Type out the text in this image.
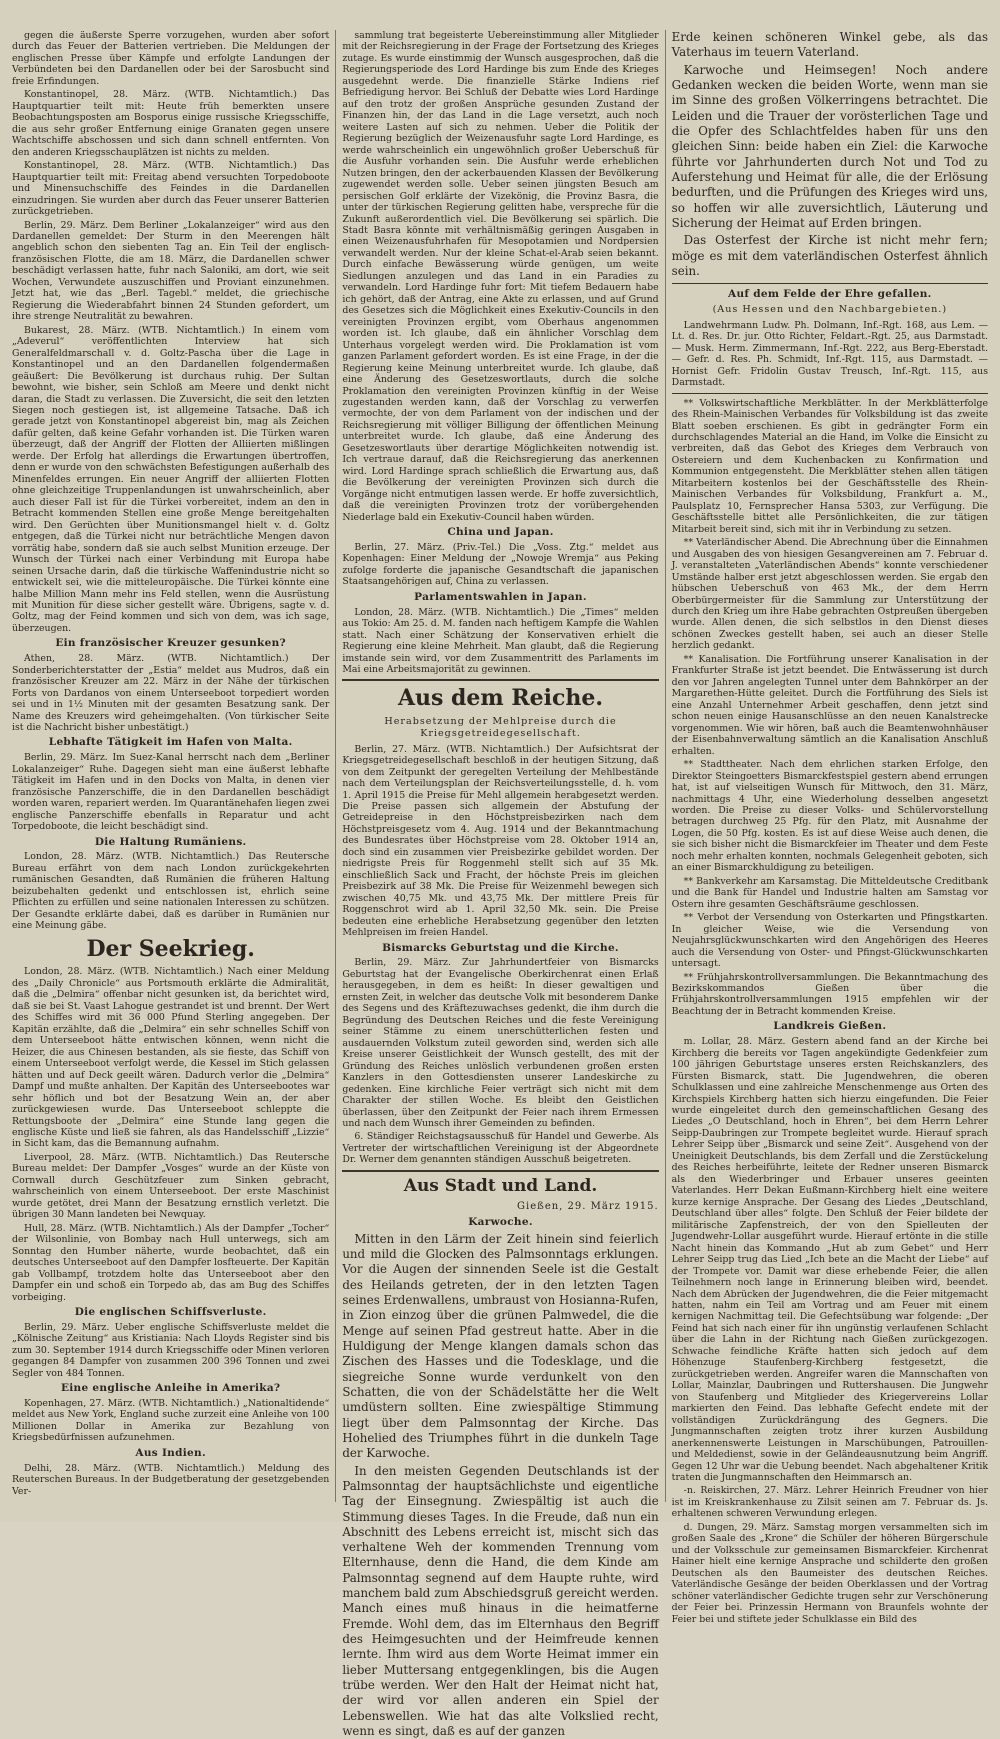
gegen die äußerste Sperre vorzugehen, wurden aber sofort durch das Feuer der Batterien vertrieben. Die Meldungen der englischen Presse über Kämpfe und erfolgte Landungen der Verbündeten bei den Dardanellen oder bei der Sarosbucht sind freie Erfindungen.

Konstantinopel, 28. März. (WTB. Nichtamtlich.) Das Hauptquartier teilt mit: Heute früh bemerkten unsere Beobachtungsposten am Bosporus einige russische Kriegsschiffe, die aus sehr großer Entfernung einige Granaten gegen unsere Wachtschiffe abschossen und sich dann schnell entfernten. Von den anderen Kriegsschauplätzen ist nichts zu melden.

Konstantinopel, 28. März. (WTB. Nichtamtlich.) Das Hauptquartier teilt mit: Freitag abend versuchten Torpedoboote und Minensuchschiffe des Feindes in die Dardanellen einzudringen. Sie wurden aber durch das Feuer unserer Batterien zurückgetrieben.

Berlin, 29. März. Dem Berliner „Lokalanzeiger“ wird aus den Dardanellen gemeldet: Der Sturm in den Meerengen hält angeblich schon den siebenten Tag an. Ein Teil der englisch-französischen Flotte, die am 18. März, die Dardanellen schwer beschädigt verlassen hatte, fuhr nach Saloniki, am dort, wie seit Wochen, Verwundete auszuschiffen und Proviant einzunehmen. Jetzt hat, wie das „Berl. Tagebl.“ meldet, die griechische Regierung die Wiederabfahrt binnen 24 Stunden gefordert, um ihre strenge Neutralität zu bewahren.

Bukarest, 28. März. (WTB. Nichtamtlich.) In einem vom „Adeverul“ veröffentlichten Interview hat sich Generalfeldmarschall v. d. Goltz-Pascha über die Lage in Konstantinopel und an den Dardanellen folgendermaßen geäußert: Die Bevölkerung ist durchaus ruhig. Der Sultan bewohnt, wie bisher, sein Schloß am Meere und denkt nicht daran, die Stadt zu verlassen. Die Zuversicht, die seit den letzten Siegen noch gestiegen ist, ist allgemeine Tatsache. Daß ich gerade jetzt von Konstantinopel abgereist bin, mag als Zeichen dafür gelten, daß keine Gefahr vorhanden ist. Die Türken waren überzeugt, daß der Angriff der Flotten der Alliierten mißlingen werde. Der Erfolg hat allerdings die Erwartungen übertroffen, denn er wurde von den schwächsten Befestigungen außerhalb des Minenfeldes errungen. Ein neuer Angriff der alliierten Flotten ohne gleichzeitige Truppenlandungen ist unwahrscheinlich, aber auch dieser Fall ist für die Türkei vorbereitet, indem an den in Betracht kommenden Stellen eine große Menge bereitgehalten wird. Den Gerüchten über Munitionsmangel hielt v. d. Goltz entgegen, daß die Türkei nicht nur beträchtliche Mengen davon vorrätig habe, sondern daß sie auch selbst Munition erzeuge. Der Wunsch der Türkei nach einer Verbindung mit Europa habe seinen Ursache darin, daß die türkische Waffenindustrie nicht so entwickelt sei, wie die mitteleuropäische. Die Türkei könnte eine halbe Million Mann mehr ins Feld stellen, wenn die Ausrüstung mit Munition für diese sicher gestellt wäre. Übrigens, sagte v. d. Goltz, mag der Feind kommen und sich von dem, was ich sage, überzeugen.

Ein französischer Kreuzer gesunken?

Athen, 28. März. (WTB. Nichtamtlich.) Der Sonderberichterstatter der „Estia“ meldet aus Mudros, daß ein französischer Kreuzer am 22. März in der Nähe der türkischen Forts von Dardanos von einem Unterseeboot torpediert worden sei und in 1½ Minuten mit der gesamten Besatzung sank. Der Name des Kreuzers wird geheimgehalten. (Von türkischer Seite ist die Nachricht bisher unbestätigt.)

Lebhafte Tätigkeit im Hafen von Malta.

Berlin, 29. März. Im Suez-Kanal herrscht nach dem „Berliner Lokalanzeiger“ Ruhe. Dagegen sieht man eine äußerst lebhafte Tätigkeit im Hafen und in den Docks von Malta, in denen vier französische Panzerschiffe, die in den Dardanellen beschädigt worden waren, repariert werden. Im Quarantänehafen liegen zwei englische Panzerschiffe ebenfalls in Reparatur und acht Torpedoboote, die leicht beschädigt sind.

Die Haltung Rumäniens.

London, 28. März. (WTB. Nichtamtlich.) Das Reutersche Bureau erfährt von dem nach London zurückgekehrten rumänischen Gesandten, daß Rumänien die früheren Haltung beizubehalten gedenkt und entschlossen ist, ehrlich seine Pflichten zu erfüllen und seine nationalen Interessen zu schützen. Der Gesandte erklärte dabei, daß es darüber in Rumänien nur eine Meinung gäbe.

Der Seekrieg.

London, 28. März. (WTB. Nichtamtlich.) Nach einer Meldung des „Daily Chronicle“ aus Portsmouth erklärte die Admiralität, daß die „Delmira“ offenbar nicht gesunken ist, da berichtet wird, daß sie bei St. Vaast Lahogue gestrandet ist und brennt. Der Wert des Schiffes wird mit 36 000 Pfund Sterling angegeben. Der Kapitän erzählte, daß die „Delmira“ ein sehr schnelles Schiff von dem Unterseeboot hätte entwischen können, wenn nicht die Heizer, die aus Chinesen bestanden, als sie fieste, das Schiff von einem Unterseeboot verfolgt werde, die Kessel im Stich gelassen hätten und auf Deck geeilt wären. Dadurch verlor die „Delmira“ Dampf und mußte anhalten. Der Kapitän des Unterseebootes war sehr höflich und bot der Besatzung Wein an, der aber zurückgewiesen wurde. Das Unterseeboot schleppte die Rettungsboote der „Delmira“ eine Stunde lang gegen die englische Küste und ließ sie fahren, als das Handelsschiff „Lizzie“ in Sicht kam, das die Bemannung aufnahm.

Liverpool, 28. März. (WTB. Nichtamtlich.) Das Reutersche Bureau meldet: Der Dampfer „Vosges“ wurde an der Küste von Cornwall durch Geschützfeuer zum Sinken gebracht, wahrscheinlich von einem Unterseeboot. Der erste Maschinist wurde getötet, drei Mann der Besatzung ernstlich verletzt. Die übrigen 30 Mann landeten bei Newquay.

Hull, 28. März. (WTB. Nichtamtlich.) Als der Dampfer „Tocher“ der Wilsonlinie, von Bombay nach Hull unterwegs, sich am Sonntag den Humber näherte, wurde beobachtet, daß ein deutsches Unterseeboot auf den Dampfer losfteuerte. Der Kapitän gab Vollbampf, trotzdem holte das Unterseeboot aber den Dampfer ein und schoß ein Torpedo ab, das am Bug des Schiffes vorbeiging.

Die englischen Schiffsverluste.

Berlin, 29. März. Ueber englische Schiffsverluste meldet die „Kölnische Zeitung“ aus Kristiania: Nach Lloyds Register sind bis zum 30. September 1914 durch Kriegsschiffe oder Minen verloren gegangen 84 Dampfer von zusammen 200 396 Tonnen und zwei Segler von 484 Tonnen.

Eine englische Anleihe in Amerika?

Kopenhagen, 27. März. (WTB. Nichtamtlich.) „Nationaltidende“ meldet aus New York, England suche zurzeit eine Anleihe von 100 Millionen Dollar in Amerika zur Bezahlung von Kriegsbedürfnissen aufzunehmen.

Aus Indien.

Delhi, 28. März. (WTB. Nichtamtlich.) Meldung des Reuterschen Bureaus. In der Budgetberatung der gesetzgebenden Ver-

sammlung trat begeisterte Uebereinstimmung aller Mitglieder mit der Reichsregierung in der Frage der Fortsetzung des Krieges zutage. Es wurde einstimmig der Wunsch ausgesprochen, daß die Regierungsperiode des Lord Hardinge bis zum Ende des Krieges ausgedehnt werde. Die finanzielle Stärke Indiens rief Befriedigung hervor. Bei Schluß der Debatte wies Lord Hardinge auf den trotz der großen Ansprüche gesunden Zustand der Finanzen hin, der das Land in die Lage versetzt, auch noch weitere Lasten auf sich zu nehmen. Ueber die Politik der Regierung bezüglich der Weizenausfuhr sagte Lord Hardinge, es werde wahrscheinlich ein ungewöhnlich großer Ueberschuß für die Ausfuhr vorhanden sein. Die Ausfuhr werde erheblichen Nutzen bringen, den der ackerbauenden Klassen der Bevölkerung zugewendet werden solle. Ueber seinen jüngsten Besuch am persischen Golf erklärte der Vizekönig, die Provinz Basra, die unter der türkischen Regierung gelitten habe, verspreche für die Zukunft außerordentlich viel. Die Bevölkerung sei spärlich. Die Stadt Basra könnte mit verhältnismäßig geringen Ausgaben in einen Weizenausfuhrhafen für Mesopotamien und Nordpersien verwandelt werden. Nur der kleine Schat-el-Arab seien bekannt. Durch einfache Bewässerung würde genügen, um weite Siedlungen anzulegen und das Land in ein Paradies zu verwandeln. Lord Hardinge fuhr fort: Mit tiefem Bedauern habe ich gehört, daß der Antrag, eine Akte zu erlassen, und auf Grund des Gesetzes sich die Möglichkeit eines Exekutiv-Councils in den vereinigten Provinzen ergibt, vom Oberhaus angenommen worden ist. Ich glaube, daß ein ähnlicher Vorschlag dem Unterhaus vorgelegt werden wird. Die Proklamation ist vom ganzen Parlament gefordert worden. Es ist eine Frage, in der die Regierung keine Meinung unterbreitet wurde. Ich glaube, daß eine Änderung des Gesetzeswortlauts, durch die solche Proklamation den vereinigten Provinzen künftig in der Weise zugestanden werden kann, daß der Vorschlag zu verwerfen vermochte, der von dem Parlament von der indischen und der Reichsregierung mit völliger Billigung der öffentlichen Meinung unterbreitet wurde. Ich glaube, daß eine Änderung des Gesetzeswortlauts über derartige Möglichkeiten notwendig ist. Ich vertraue darauf, daß die Reichsregierung das anerkennen wird. Lord Hardinge sprach schließlich die Erwartung aus, daß die Bevölkerung der vereinigten Provinzen sich durch die Vorgänge nicht entmutigen lassen werde. Er hoffe zuversichtlich, daß die vereinigten Provinzen trotz der vorübergehenden Niederlage bald ein Exekutiv-Council haben würden.

China und Japan.

Berlin, 27. März. (Priv.-Tel.) Die „Voss. Ztg.“ meldet aus Kopenhagen: Einer Meldung der „Nowoje Wremja“ aus Peking zufolge forderte die japanische Gesandtschaft die japanischen Staatsangehörigen auf, China zu verlassen.

Parlamentswahlen in Japan.

London, 28. März. (WTB. Nichtamtlich.) Die „Times“ melden aus Tokio: Am 25. d. M. fanden nach heftigem Kampfe die Wahlen statt. Nach einer Schätzung der Konservativen erhielt die Regierung eine kleine Mehrheit. Man glaubt, daß die Regierung imstande sein wird, vor dem Zusammentritt des Parlaments im Mai eine Arbeitsmajorität zu gewinnen.

Aus dem Reiche.
Herabsetzung der Mehlpreise durch die Kriegsgetreidegesellschaft.

Berlin, 27. März. (WTB. Nichtamtlich.) Der Aufsichtsrat der Kriegsgetreidegesellschaft beschloß in der heutigen Sitzung, daß von dem Zeitpunkt der geregelten Verteilung der Mehlbestände nach dem Verteilungsplan der Reichsverteilungsstelle, d. h. vom 1. April 1915 die Preise für Mehl allgemein herabgesetzt werden. Die Preise passen sich allgemein der Abstufung der Getreidepreise in den Höchstpreisbezirken nach dem Höchstpreisgesetz vom 4. Aug. 1914 und der Bekanntmachung des Bundesrates über Höchstpreise vom 28. Oktober 1914 an, doch sind ein zusammen vier Preisbezirke gebildet worden. Der niedrigste Preis für Roggenmehl stellt sich auf 35 Mk. einschließlich Sack und Fracht, der höchste Preis im gleichen Preisbezirk auf 38 Mk. Die Preise für Weizenmehl bewegen sich zwischen 40,75 Mk. und 43,75 Mk. Der mittlere Preis für Roggenschrot wird ab 1. April 32,50 Mk. sein. Die Preise bedeuten eine erhebliche Herabsetzung gegenüber den letzten Mehlpreisen im freien Handel.

Bismarcks Geburtstag und die Kirche.

Berlin, 29. März. Zur Jahrhundertfeier von Bismarcks Geburtstag hat der Evangelische Oberkirchenrat einen Erlaß herausgegeben, in dem es heißt: In dieser gewaltigen und ernsten Zeit, in welcher das deutsche Volk mit besonderem Danke des Segens und des Kräftezuwachses gedenkt, die ihm durch die Begründung des Deutschen Reiches und die feste Vereinigung seiner Stämme zu einem unerschütterlichen festen und ausdauernden Volkstum zuteil geworden sind, werden sich alle Kreise unserer Geistlichkeit der Wunsch gestellt, des mit der Gründung des Reiches unlöslich verbundenen großen ersten Kanzlers in den Gottesdiensten unserer Landeskirche zu gedenken. Eine kirchliche Feier verträgt sich nicht mit dem Charakter der stillen Woche. Es bleibt den Geistlichen überlassen, über den Zeitpunkt der Feier nach ihrem Ermessen und nach dem Wunsch ihrer Gemeinden zu befinden.

6. Ständiger Reichstagsausschuß für Handel und Gewerbe. Als Vertreter der wirtschaftlichen Vereinigung ist der Abgeordnete Dr. Werner dem genannten ständigen Ausschuß beigetreten.

Aus Stadt und Land.
Gießen, 29. März 1915.
Karwoche.

Mitten in den Lärm der Zeit hinein sind feierlich und mild die Glocken des Palmsonntags erklungen. Vor die Augen der sinnenden Seele ist die Gestalt des Heilands getreten, der in den letzten Tagen seines Erdenwallens, umbraust von Hosianna-Rufen, in Zion einzog über die grünen Palmwedel, die die Menge auf seinen Pfad gestreut hatte. Aber in die Huldigung der Menge klangen damals schon das Zischen des Hasses und die Todesklage, und die siegreiche Sonne wurde verdunkelt von den Schatten, die von der Schädelstätte her die Welt umdüstern sollten. Eine zwiespältige Stimmung liegt über dem Palmsonntag der Kirche. Das Hohelied des Triumphes führt in die dunkeln Tage der Karwoche.

In den meisten Gegenden Deutschlands ist der Palmsonntag der hauptsächlichste und eigentliche Tag der Einsegnung. Zwiespältig ist auch die Stimmung dieses Tages. In die Freude, daß nun ein Abschnitt des Lebens erreicht ist, mischt sich das verhaltene Weh der kommenden Trennung vom Elternhause, denn die Hand, die dem Kinde am Palmsonntag segnend auf dem Haupte ruhte, wird manchem bald zum Abschiedsgruß gereicht werden. Manch eines muß hinaus in die heimatferne Fremde. Wohl dem, das im Elternhaus den Begriff des Heimgesuchten und der Heimfreude kennen lernte. Ihm wird aus dem Worte Heimat immer ein lieber Muttersang entgegenklingen, bis die Augen trübe werden. Wer den Halt der Heimat nicht hat, der wird vor allen anderen ein Spiel der Lebenswellen. Wie hat das alte Volkslied recht, wenn es singt, daß es auf der ganzen

Erde keinen schöneren Winkel gebe, als das Vaterhaus im teuern Vaterland.

Karwoche und Heimsegen! Noch andere Gedanken wecken die beiden Worte, wenn man sie im Sinne des großen Völkerringens betrachtet. Die Leiden und die Trauer der vorösterlichen Tage und die Opfer des Schlachtfeldes haben für uns den gleichen Sinn: beide haben ein Ziel: die Karwoche führte vor Jahrhunderten durch Not und Tod zu Auferstehung und Heimat für alle, die der Erlösung bedurften, und die Prüfungen des Krieges wird uns, so hoffen wir alle zuversichtlich, Läuterung und Sicherung der Heimat auf Erden bringen.

Das Osterfest der Kirche ist nicht mehr fern; möge es mit dem vaterländischen Osterfest ähnlich sein.

Auf dem Felde der Ehre gefallen.
(Aus Hessen und den Nachbargebieten.)

Landwehrmann Ludw. Ph. Dolmann, Inf.-Rgt. 168, aus Lem. — Lt. d. Res. Dr. jur. Otto Richter, Feldart.-Rgt. 25, aus Darmstadt. — Musk. Herm. Zimmermann, Inf.-Rgt. 222, aus Berg-Eberstadt. — Gefr. d. Res. Ph. Schmidt, Inf.-Rgt. 115, aus Darmstadt. — Hornist Gefr. Fridolin Gustav Treusch, Inf.-Rgt. 115, aus Darmstadt.

** Volkswirtschaftliche Merkblätter. In der Merkblätterfolge des Rhein-Mainischen Verbandes für Volksbildung ist das zweite Blatt soeben erschienen. Es gibt in gedrängter Form ein durchschlagendes Material an die Hand, im Volke die Einsicht zu verbreiten, daß das Gebot des Krieges dem Verbrauch von Ostereiern und dem Kuchenbacken zu Konfirmation und Kommunion entgegensteht. Die Merkblätter stehen allen tätigen Mitarbeitern kostenlos bei der Geschäftsstelle des Rhein-Mainischen Verbandes für Volksbildung, Frankfurt a. M., Paulsplatz 10, Fernsprecher Hansa 5303, zur Verfügung. Die Geschäftsstelle bittet alle Persönlichkeiten, die zur tätigen Mitarbeit bereit sind, sich mit ihr in Verbindung zu setzen.

** Vaterländischer Abend. Die Abrechnung über die Einnahmen und Ausgaben des von hiesigen Gesangvereinen am 7. Februar d. J. veranstalteten „Vaterländischen Abends“ konnte verschiedener Umstände halber erst jetzt abgeschlossen werden. Sie ergab den hübschen Ueberschuß von 463 Mk., der dem Herrn Oberbürgermeister für die Sammlung zur Unterstützung der durch den Krieg um ihre Habe gebrachten Ostpreußen übergeben wurde. Allen denen, die sich selbstlos in den Dienst dieses schönen Zweckes gestellt haben, sei auch an dieser Stelle herzlich gedankt.

** Kanalisation. Die Fortführung unserer Kanalisation in der Frankfurter Straße ist jetzt beendet. Die Entwässerung ist durch den vor Jahren angelegten Tunnel unter dem Bahnkörper an der Margarethen-Hütte geleitet. Durch die Fortführung des Siels ist eine Anzahl Unternehmer Arbeit geschaffen, denn jetzt sind schon neuen einige Hausanschlüsse an den neuen Kanalstrecke vorgenommen. Wie wir hören, baß auch die Beamtenwohnhäuser der Eisenbahnverwaltung sämtlich an die Kanalisation Anschluß erhalten.

** Stadttheater. Nach dem ehrlichen starken Erfolge, den Direktor Steingoetters Bismarckfestspiel gestern abend errungen hat, ist auf vielseitigen Wunsch für Mittwoch, den 31. März, nachmittags 4 Uhr, eine Wiederholung desselben angesetzt worden. Die Preise zu dieser Volks- und Schülervorstellung betragen durchweg 25 Pfg. für den Platz, mit Ausnahme der Logen, die 50 Pfg. kosten. Es ist auf diese Weise auch denen, die sie sich bisher nicht die Bismarckfeier im Theater und dem Feste noch mehr erhalten konnten, nochmals Gelegenheit geboten, sich an einer Bismarckhuldigung zu beteiligen.

** Bankverkehr am Karsamstag. Die Mitteldeutsche Creditbank und die Bank für Handel und Industrie halten am Samstag vor Ostern ihre gesamten Geschäftsräume geschlossen.

** Verbot der Versendung von Osterkarten und Pfingstkarten. In gleicher Weise, wie die Versendung von Neujahrsglückwunschkarten wird den Angehörigen des Heeres auch die Versendung von Oster- und Pfingst-Glückwunschkarten untersagt.

** Frühjahrskontrollversammlungen. Die Bekanntmachung des Bezirkskommandos Gießen über die Frühjahrskontrollversammlungen 1915 empfehlen wir der Beachtung der in Betracht kommenden Kreise.

Landkreis Gießen.

m. Lollar, 28. März. Gestern abend fand an der Kirche bei Kirchberg die bereits vor Tagen angekündigte Gedenkfeier zum 100 jährigen Geburtstage unseres ersten Reichskanzlers, des Fürsten Bismarck, statt. Die Jugendwehren, die oberen Schulklassen und eine zahlreiche Menschenmenge aus Orten des Kirchspiels Kirchberg hatten sich hierzu eingefunden. Die Feier wurde eingeleitet durch den gemeinschaftlichen Gesang des Liedes „O Deutschland, hoch in Ehren“, bei dem Herrn Lehrer Seipp-Daubringen zur Trompete begleitet wurde. Hierauf sprach Lehrer Seipp über „Bismarck und seine Zeit“. Ausgehend von der Uneinigkeit Deutschlands, bis dem Zerfall und die Zerstückelung des Reiches herbeiführte, leitete der Redner unseren Bismarck als den Wiederbringer und Erbauer unseres geeinten Vaterlandes. Herr Dekan Eußmann-Kirchberg hielt eine weitere kurze kernige Ansprache. Der Gesang des Liedes „Deutschland, Deutschland über alles“ folgte. Den Schluß der Feier bildete der militärische Zapfenstreich, der von den Spielleuten der Jugendwehr-Lollar ausgeführt wurde. Hierauf ertönte in die stille Nacht hinein das Kommando „Hut ab zum Gebet“ und Herr Lehrer Seipp trug das Lied „Ich bete an die Macht der Liebe“ auf der Trompete vor. Damit war diese erhebende Feier, die allen Teilnehmern noch lange in Erinnerung bleiben wird, beendet. Nach dem Abrücken der Jugendwehren, die die Feier mitgemacht hatten, nahm ein Teil am Vortrag und am Feuer mit einem kernigen Nachmittag teil. Die Gefechtsübung war folgende: „Der Feind hat sich nach einer für ihn ungünstig verlaufenen Schlacht über die Lahn in der Richtung nach Gießen zurückgezogen. Schwache feindliche Kräfte hatten sich jedoch auf dem Höhenzuge Staufenberg-Kirchberg festgesetzt, die zurückgetrieben werden. Angreifer waren die Mannschaften von Lollar, Mainzlar, Daubringen und Ruttershausen. Die Jungwehr von Staufenberg und Mitglieder des Kriegervereins Lollar markierten den Feind. Das lebhafte Gefecht endete mit der vollständigen Zurückdrängung des Gegners. Die Jungmannschaften zeigten trotz ihrer kurzen Ausbildung anerkennenswerte Leistungen in Marschübungen, Patrouillen- und Meldedienst, sowie in der Geländeausnutzung beim Angriff. Gegen 12 Uhr war die Uebung beendet. Nach abgehaltener Kritik traten die Jungmannschaften den Heimmarsch an.

-n. Reiskirchen, 27. März. Lehrer Heinrich Freudner von hier ist im Kreiskrankenhause zu Zilsit seinen am 7. Februar ds. Js. erhaltenen schweren Verwundung erlegen.

d. Dungen, 29. März. Samstag morgen versammelten sich im großen Saale des „Krone“ die Schüler der höheren Bürgerschule und der Volksschule zur gemeinsamen Bismarckfeier. Kirchenrat Hainer hielt eine kernige Ansprache und schilderte den großen Deutschen als den Baumeister des deutschen Reiches. Vaterländische Gesänge der beiden Oberklassen und der Vortrag schöner vaterländischer Gedichte trugen sehr zur Verschönerung der Feier bei. Prinzessin Hermann von Braunfels wohnte der Feier bei und stiftete jeder Schulklasse ein Bild des
